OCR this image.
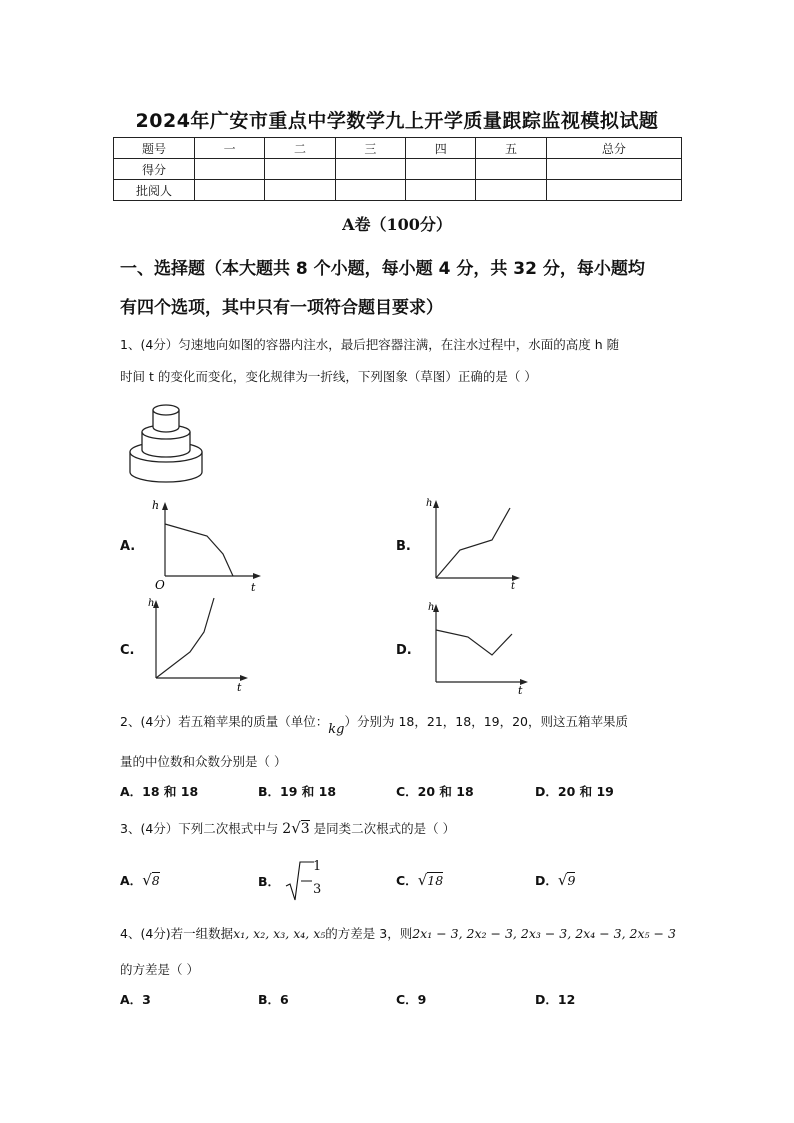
2024年广安市重点中学数学九上开学质量跟踪监视模拟试题
题号	一	二	三	四	五	总分
得分						
批阅人						
A卷（100分）
一、选择题（本大题共 8 个小题，每小题 4 分，共 32 分，每小题均
有四个选项，其中只有一项符合题目要求）
1、(4分）匀速地向如图的容器内注水，最后把容器注满，在注水过程中，水面的高度 h 随
时间 t 的变化而变化，变化规律为一折线，下列图象（草图）正确的是（ ）
A.
h
t
O
B.
h
t
C.
h
t
D.
h
t
2、(4分）若五箱苹果的质量（单位：kg）分别为 18，21，18，19，20，则这五箱苹果质
量的中位数和众数分别是（ ）
A．18 和 18	B．19 和 18	C．20 和 18	D．20 和 19
3、(4分）下列二次根式中与 2√3 是同类二次根式的是（ ）
A．√8	B．
1
3
C．√18	D．√9
4、(4分)若一组数据x₁, x₂, x₃, x₄, x₅的方差是 3，则2x₁ − 3, 2x₂ − 3, 2x₃ − 3, 2x₄ − 3, 2x₅ − 3
的方差是（ ）
A．3	B．6	C．9	D．12
